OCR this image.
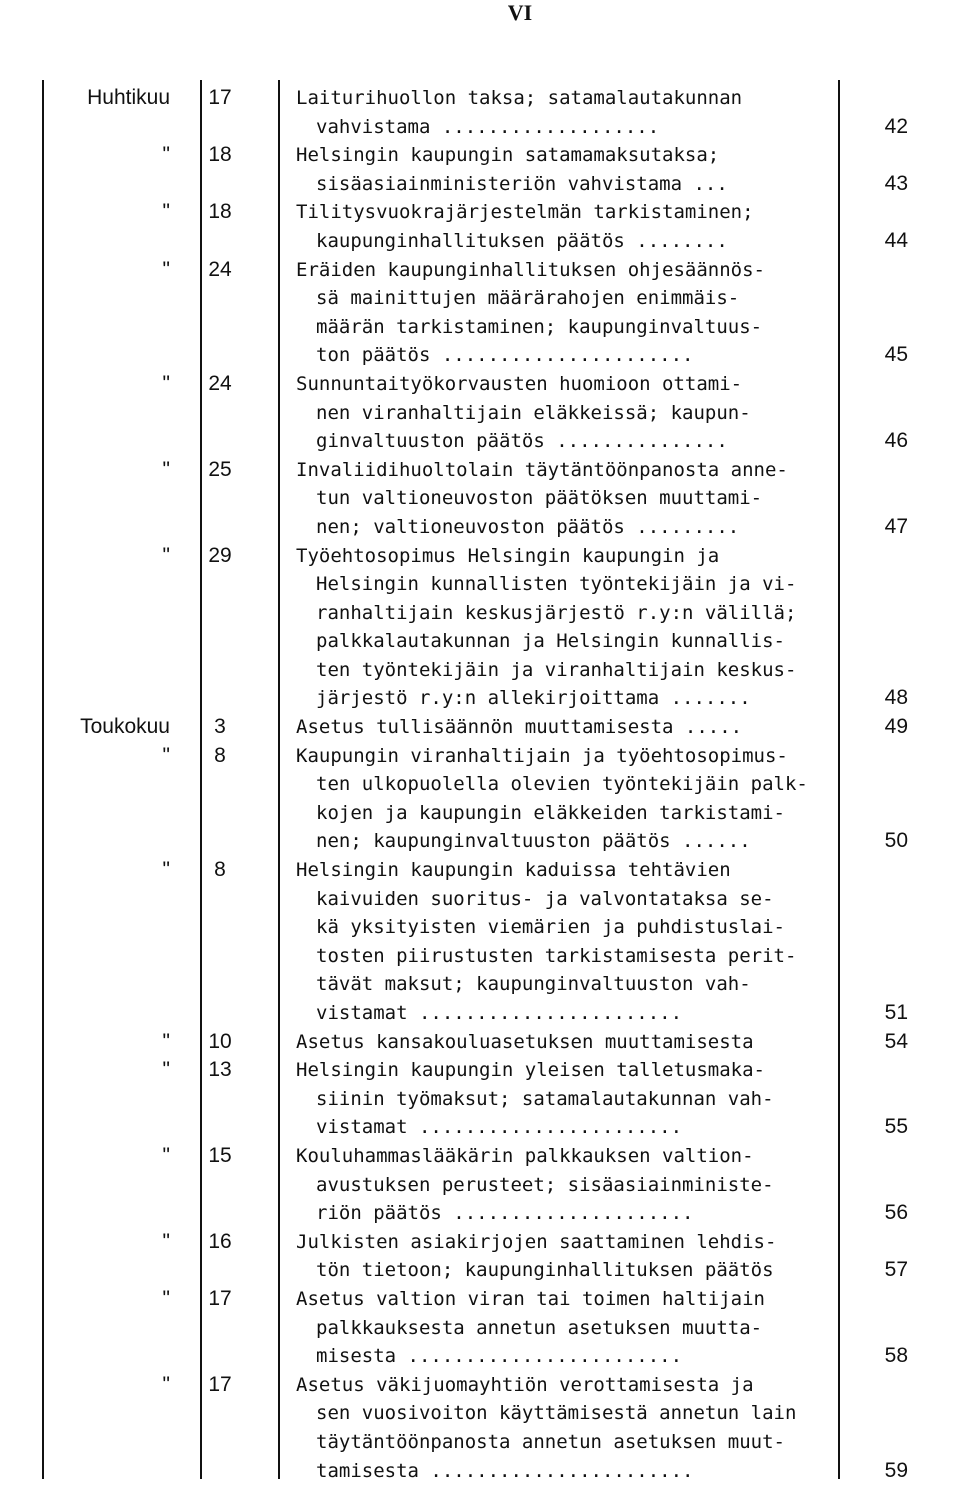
VI
Huhtikuu	17	Laiturihuollon taksa; satamalautakunnan
vahvistama ...................	42
"	18	Helsingin kaupungin satamamaksutaksa;
sisäasiainministeriön vahvistama ...	43
"	18	Tilitysvuokrajärjestelmän tarkistaminen;
kaupunginhallituksen päätös ........	44
"	24	Eräiden kaupunginhallituksen ohjesäännös-
sä mainittujen määrärahojen enimmäis-
määrän tarkistaminen; kaupunginvaltuus-
ton päätös ......................	45
"	24	Sunnuntaityökorvausten huomioon ottami-
nen viranhaltijain eläkkeissä; kaupun-
ginvaltuuston päätös ...............	46
"	25	Invaliidihuoltolain täytäntöönpanosta anne-
tun valtioneuvoston päätöksen muuttami-
nen; valtioneuvoston päätös .........	47
"	29	Työehtosopimus Helsingin kaupungin ja
Helsingin kunnallisten työntekijäin ja vi-
ranhaltijain keskusjärjestö r.y:n välillä;
palkkalautakunnan ja Helsingin kunnallis-
ten työntekijäin ja viranhaltijain keskus-
järjestö r.y:n allekirjoittama .......	48
Toukokuu	3	Asetus tullisäännön muuttamisesta .....	49
"	8	Kaupungin viranhaltijain ja työehtosopimus-
ten ulkopuolella olevien työntekijäin palk-
kojen ja kaupungin eläkkeiden tarkistami-
nen; kaupunginvaltuuston päätös ......	50
"	8	Helsingin kaupungin kaduissa tehtävien
kaivuiden suoritus- ja valvontataksa se-
kä yksityisten viemärien ja puhdistuslai-
tosten piirustusten tarkistamisesta perit-
tävät maksut; kaupunginvaltuuston vah-
vistamat .......................	51
"	10	Asetus kansakouluasetuksen muuttamisesta	54
"	13	Helsingin kaupungin yleisen talletusmaka-
siinin työmaksut; satamalautakunnan vah-
vistamat .......................	55
"	15	Kouluhammaslääkärin palkkauksen valtion-
avustuksen perusteet; sisäasiainministe-
riön päätös .....................	56
"	16	Julkisten asiakirjojen saattaminen lehdis-
tön tietoon; kaupunginhallituksen päätös	57
"	17	Asetus valtion viran tai toimen haltijain
palkkauksesta annetun asetuksen muutta-
misesta ........................	58
"	17	Asetus väkijuomayhtiön verottamisesta ja
sen vuosivoiton käyttämisestä annetun lain
täytäntöönpanosta annetun asetuksen muut-
tamisesta .......................	59
